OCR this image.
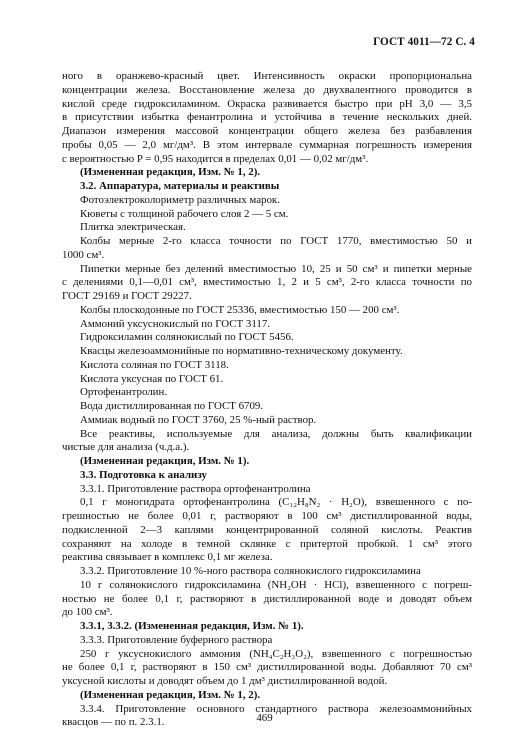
ГОСТ 4011—72 С. 4

ного в оранжево-красный цвет. Интенсивность окраски пропорциональна

концентрации железа. Восстановление железа до двухвалентного проводится в

кислой среде гидроксиламином. Окраска развивается быстро при pH 3,0 — 3,5

в присутствии избытка фенантролина и устойчива в течение нескольких дней.

Диапазон измерения массовой концентрации общего железа без разбавления

пробы 0,05 — 2,0 мг/дм³. В этом интервале суммарная погрешность измерения

с вероятностью P = 0,95 находится в пределах 0,01 — 0,02 мг/дм³.

(Измененная редакция, Изм. № 1, 2).

3.2. Аппаратура, материалы и реактивы

Фотоэлектроколориметр различных марок.

Кюветы с толщиной рабочего слоя 2 — 5 см.

Плитка электрическая.

Колбы мерные 2-го класса точности по ГОСТ 1770, вместимостью 50 и

1000 см³.

Пипетки мерные без делений вместимостью 10, 25 и 50 см³ и пипетки мерные

с делениями 0,1—0,01 см³, вместимостью 1, 2 и 5 см³, 2-го класса точности по

ГОСТ 29169 и ГОСТ 29227.

Колбы плоскодонные по ГОСТ 25336, вместимостью 150 — 200 см³.

Аммоний уксуснокислый по ГОСТ 3117.

Гидроксиламин солянокислый по ГОСТ 5456.

Квасцы железоаммонийные по нормативно-техническому документу.

Кислота соляная по ГОСТ 3118.

Кислота уксусная по ГОСТ 61.

Ортофенантролин.

Вода дистиллированная по ГОСТ 6709.

Аммиак водный по ГОСТ 3760, 25 %-ный раствор.

Все реактивы, используемые для анализа, должны быть квалификации

чистые для анализа (ч.д.а.).

(Измененная редакция, Изм. № 1).

3.3. Подготовка к анализу

3.3.1. Приготовление раствора ортофенантролина

0,1 г моногидрата ортофенантролина (C₁₂H₈N₂ · H₂O), взвешенного с по-

грешностью не более 0,01 г, растворяют в 100 см³ дистиллированной воды,

подкисленной 2—3 каплями концентрированной соляной кислоты. Реактив

сохраняют на холоде в темной склянке с притертой пробкой. 1 см³ этого

реактива связывает в комплекс 0,1 мг железа.

3.3.2. Приготовление 10 %-ного раствора солянокислого гидроксиламина

10 г солянокислого гидроксиламина (NH₂OH · HCl), взвешенного с погреш-

ностью не более 0,1 г, растворяют в дистиллированной воде и доводят объем

до 100 см³.

3.3.1, 3.3.2. (Измененная редакция, Изм. № 1).

3.3.3. Приготовление буферного раствора

250 г уксуснокислого аммония (NH₄C₂H₃O₂), взвешенного с погрешностью

не более 0,1 г, растворяют в 150 см³ дистиллированной воды. Добавляют 70 см³

уксусной кислоты и доводят объем до 1 дм³ дистиллированной водой.

(Измененная редакция, Изм. № 1, 2).

3.3.4. Приготовление основного стандартного раствора железоаммонийных

квасцов — по п. 2.3.1.	469
